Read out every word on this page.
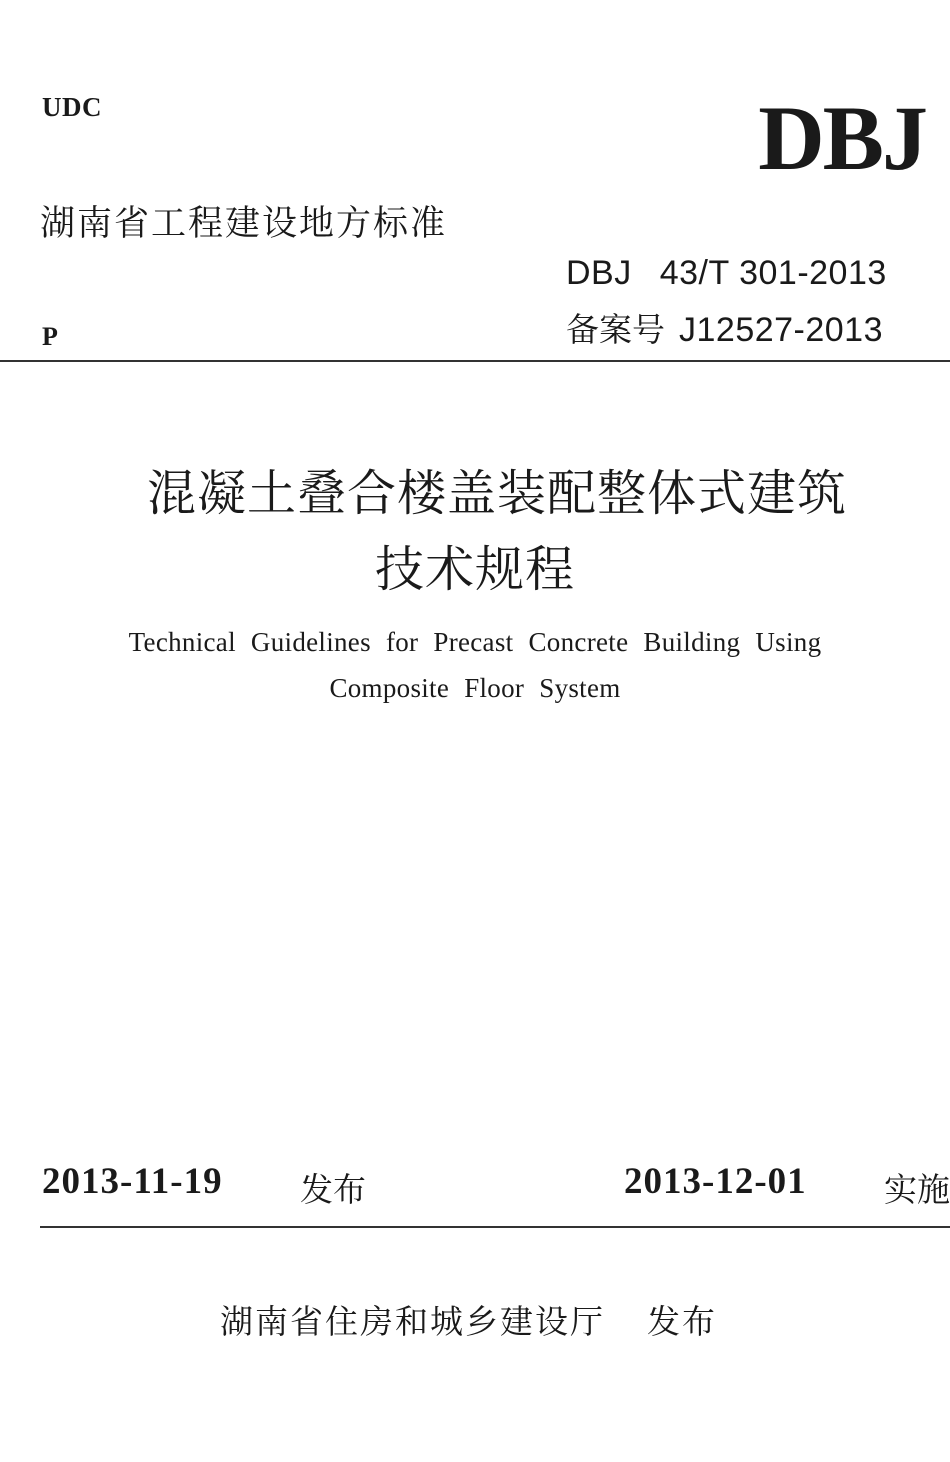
UDC	DBJ
湖南省工程建设地方标准
DBJ 43/T 301-2013
备案号 J12527-2013
P
混凝土叠合楼盖装配整体式建筑
技术规程
Technical Guidelines for Precast Concrete Building Using
Composite Floor System
2013-11-19 发布	2013-12-01 实施
湖南省住房和城乡建设厅 发布
